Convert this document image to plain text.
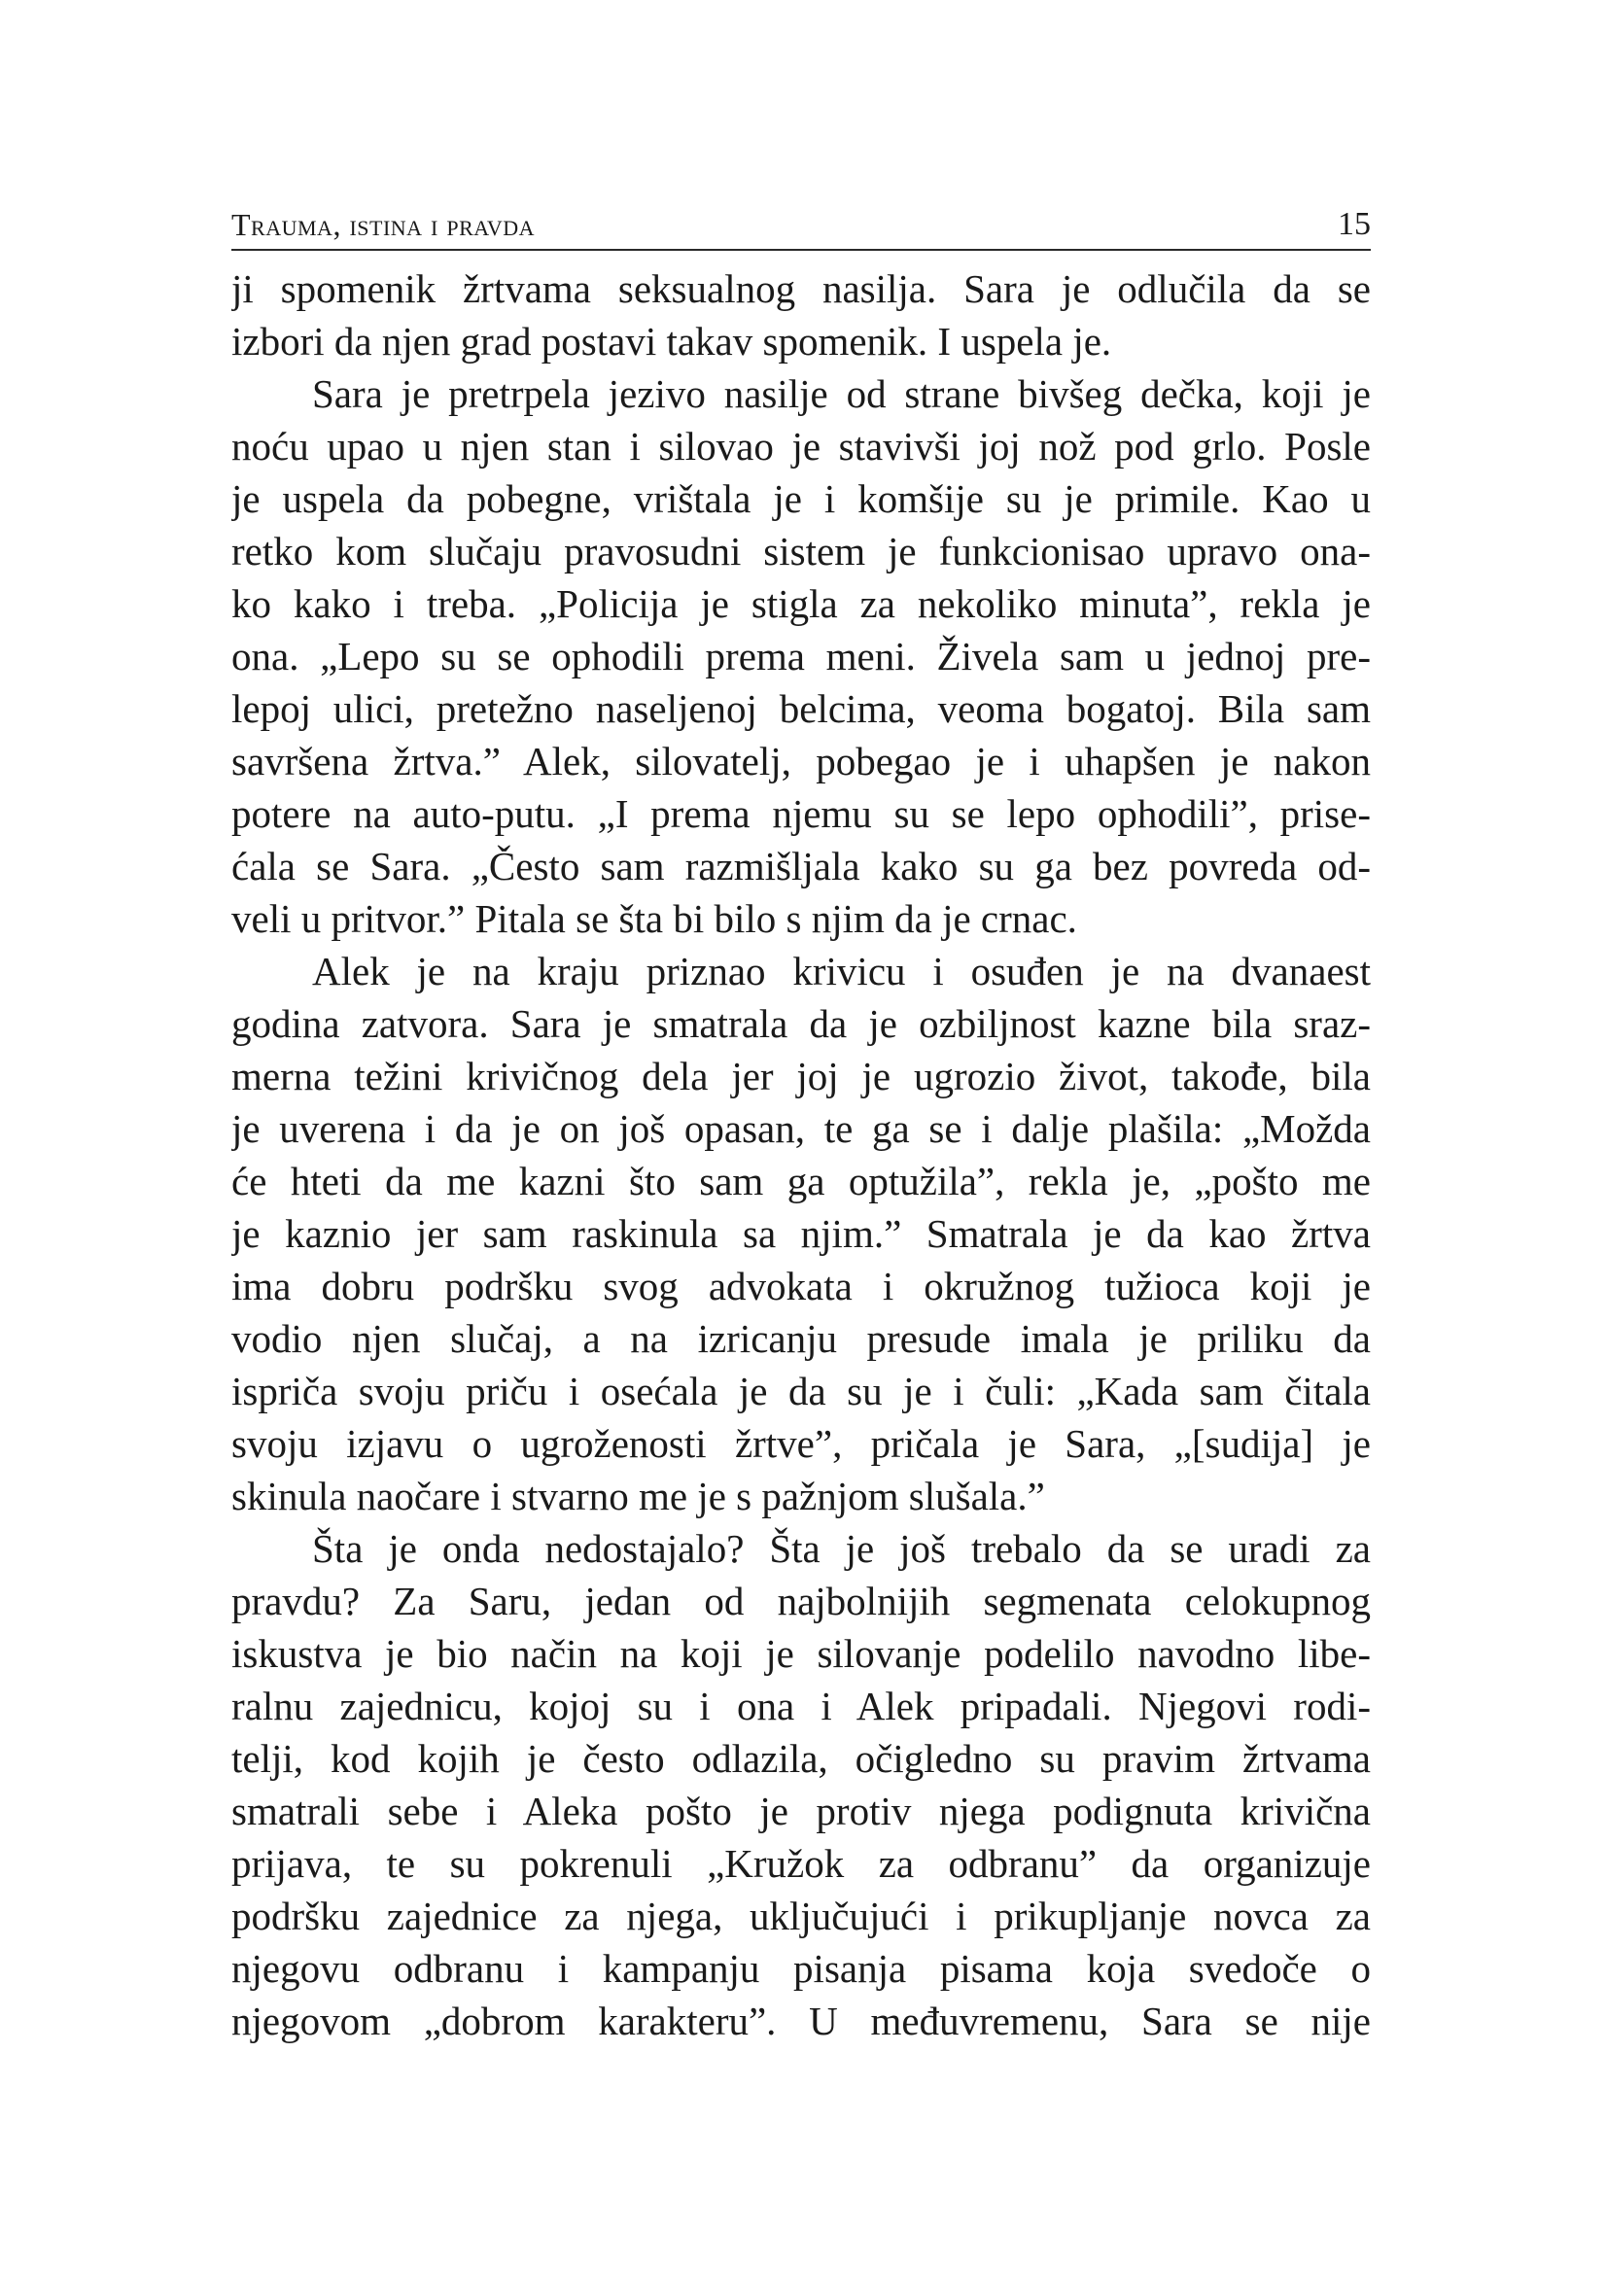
Trauma, istina i pravda	15
ji spomenik žrtvama seksualnog nasilja. Sara je odlučila da se
izbori da njen grad postavi takav spomenik. I uspela je.
Sara je pretrpela jezivo nasilje od strane bivšeg dečka, koji je
noću upao u njen stan i silovao je stavivši joj nož pod grlo. Posle
je uspela da pobegne, vrištala je i komšije su je primile. Kao u
retko kom slučaju pravosudni sistem je funkcionisao upravo ona-
ko kako i treba. „Policija je stigla za nekoliko minuta”, rekla je
ona. „Lepo su se ophodili prema meni. Živela sam u jednoj pre-
lepoj ulici, pretežno naseljenoj belcima, veoma bogatoj. Bila sam
savršena žrtva.” Alek, silovatelj, pobegao je i uhapšen je nakon
potere na auto-putu. „I prema njemu su se lepo ophodili”, prise-
ćala se Sara. „Često sam razmišljala kako su ga bez povreda od-
veli u pritvor.” Pitala se šta bi bilo s njim da je crnac.
Alek je na kraju priznao krivicu i osuđen je na dvanaest
godina zatvora. Sara je smatrala da je ozbiljnost kazne bila sraz-
merna težini krivičnog dela jer joj je ugrozio život, takođe, bila
je uverena i da je on još opasan, te ga se i dalje plašila: „Možda
će hteti da me kazni što sam ga optužila”, rekla je, „pošto me
je kaznio jer sam raskinula sa njim.” Smatrala je da kao žrtva
ima dobru podršku svog advokata i okružnog tužioca koji je
vodio njen slučaj, a na izricanju presude imala je priliku da
ispriča svoju priču i osećala je da su je i čuli: „Kada sam čitala
svoju izjavu o ugroženosti žrtve”, pričala je Sara, „[sudija] je
skinula naočare i stvarno me je s pažnjom slušala.”
Šta je onda nedostajalo? Šta je još trebalo da se uradi za
pravdu? Za Saru, jedan od najbolnijih segmenata celokupnog
iskustva je bio način na koji je silovanje podelilo navodno libe-
ralnu zajednicu, kojoj su i ona i Alek pripadali. Njegovi rodi-
telji, kod kojih je često odlazila, očigledno su pravim žrtvama
smatrali sebe i Aleka pošto je protiv njega podignuta krivična
prijava, te su pokrenuli „Kružok za odbranu” da organizuje
podršku zajednice za njega, uključujući i prikupljanje novca za
njegovu odbranu i kampanju pisanja pisama koja svedoče o
njegovom „dobrom karakteru”. U međuvremenu, Sara se nije
